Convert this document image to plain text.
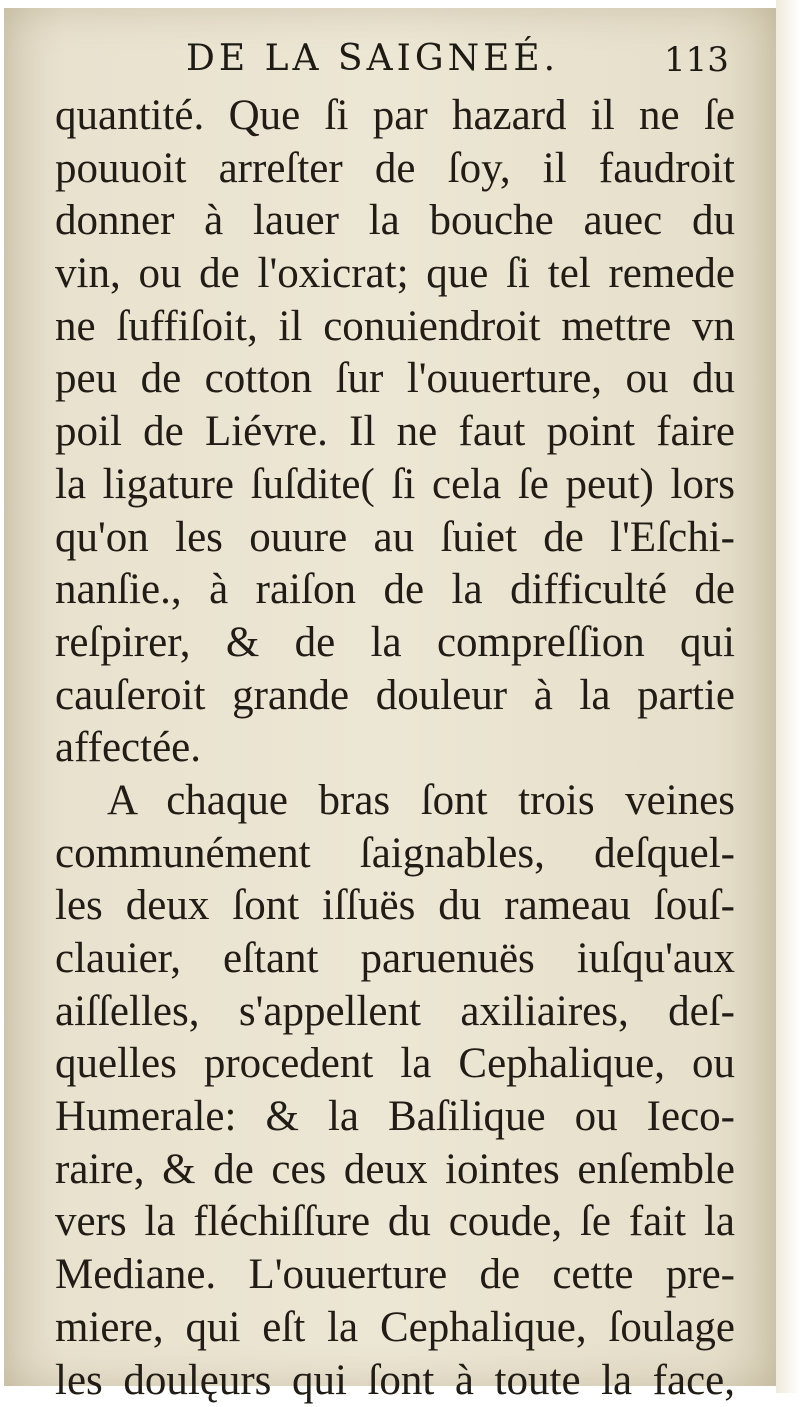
DE LA SAIGNEÉ.	113
quantité. Que ſi par hazard il ne ſe
pouuoit arreſter de ſoy, il faudroit
donner à lauer la bouche auec du
vin, ou de l'oxicrat; que ſi tel remede
ne ſuffiſoit, il conuiendroit mettre vn
peu de cotton ſur l'ouuerture, ou du
poil de Liévre. Il ne faut point faire
la ligature ſuſdite( ſi cela ſe peut) lors
qu'on les ouure au ſuiet de l'Eſchi-
nanſie., à raiſon de la difficulté de
reſpirer, & de la compreſſion qui
cauſeroit grande douleur à la partie
affectée.
A chaque bras ſont trois veines
communément ſaignables, deſquel-
les deux ſont iſſuës du rameau ſouſ-
clauier, eſtant paruenuës iuſqu'aux
aiſſelles, s'appellent axiliaires, deſ-
quelles procedent la Cephalique, ou
Humerale: & la Baſilique ou Ieco-
raire, & de ces deux iointes enſemble
vers la fléchiſſure du coude, ſe fait la
Mediane. L'ouuerture de cette pre-
miere, qui eſt la Cephalique, ſoulage
les doulęurs qui ſont à toute la face,
